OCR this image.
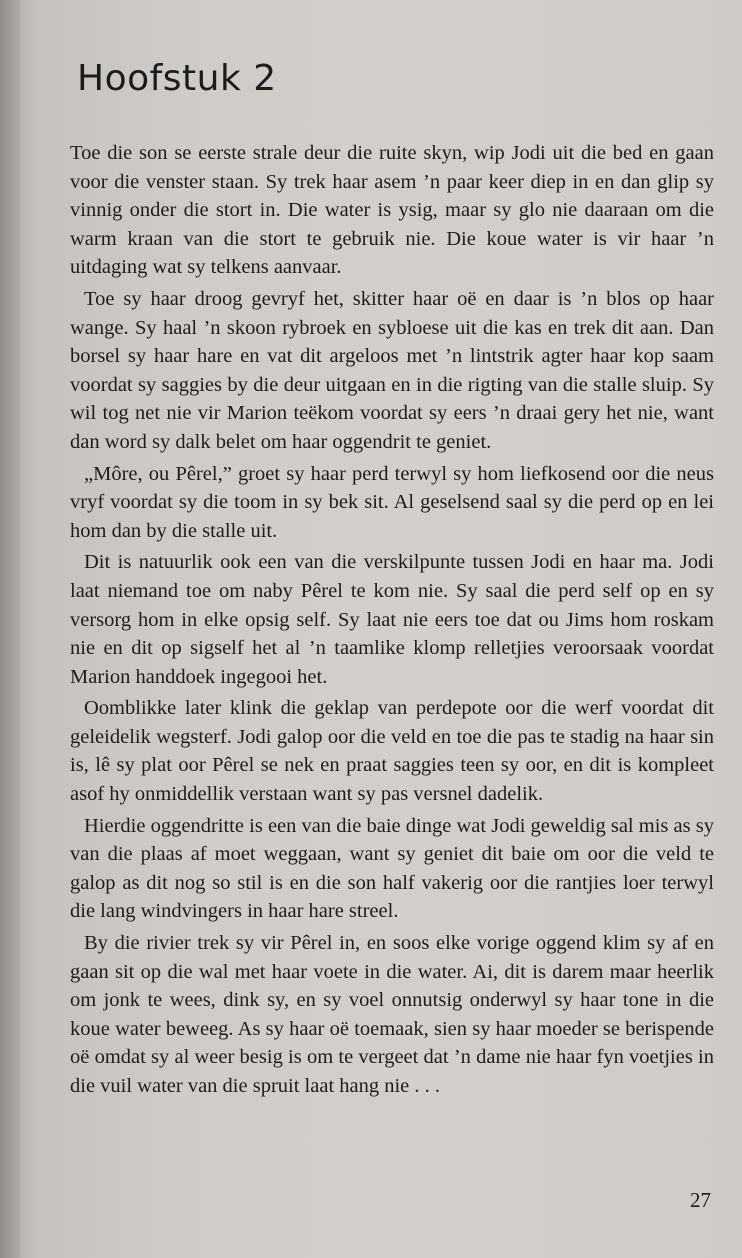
Hoofstuk 2

Toe die son se eerste strale deur die ruite skyn, wip Jodi uit die bed en gaan voor die venster staan. Sy trek haar asem ’n paar keer diep in en dan glip sy vinnig onder die stort in. Die water is ysig, maar sy glo nie daaraan om die warm kraan van die stort te gebruik nie. Die koue water is vir haar ’n uitdaging wat sy telkens aanvaar.

Toe sy haar droog gevryf het, skitter haar oë en daar is ’n blos op haar wange. Sy haal ’n skoon rybroek en sybloese uit die kas en trek dit aan. Dan borsel sy haar hare en vat dit argeloos met ’n lintstrik agter haar kop saam voordat sy saggies by die deur uitgaan en in die rigting van die stalle sluip. Sy wil tog net nie vir Marion teëkom voordat sy eers ’n draai gery het nie, want dan word sy dalk belet om haar oggendrit te geniet.

„Môre, ou Pêrel,” groet sy haar perd terwyl sy hom liefkosend oor die neus vryf voordat sy die toom in sy bek sit. Al geselsend saal sy die perd op en lei hom dan by die stalle uit.

Dit is natuurlik ook een van die verskilpunte tussen Jodi en haar ma. Jodi laat niemand toe om naby Pêrel te kom nie. Sy saal die perd self op en sy versorg hom in elke opsig self. Sy laat nie eers toe dat ou Jims hom roskam nie en dit op sigself het al ’n taamlike klomp relletjies veroorsaak voordat Marion handdoek ingegooi het.

Oomblikke later klink die geklap van perdepote oor die werf voordat dit geleidelik wegsterf. Jodi galop oor die veld en toe die pas te stadig na haar sin is, lê sy plat oor Pêrel se nek en praat saggies teen sy oor, en dit is kompleet asof hy onmiddellik verstaan want sy pas versnel dadelik.

Hierdie oggendritte is een van die baie dinge wat Jodi geweldig sal mis as sy van die plaas af moet weggaan, want sy geniet dit baie om oor die veld te galop as dit nog so stil is en die son half vakerig oor die rantjies loer terwyl die lang windvingers in haar hare streel.

By die rivier trek sy vir Pêrel in, en soos elke vorige oggend klim sy af en gaan sit op die wal met haar voete in die water. Ai, dit is darem maar heerlik om jonk te wees, dink sy, en sy voel onnutsig onderwyl sy haar tone in die koue water beweeg. As sy haar oë toemaak, sien sy haar moeder se berispende oë omdat sy al weer besig is om te vergeet dat ’n dame nie haar fyn voetjies in die vuil water van die spruit laat hang nie . . .

27
